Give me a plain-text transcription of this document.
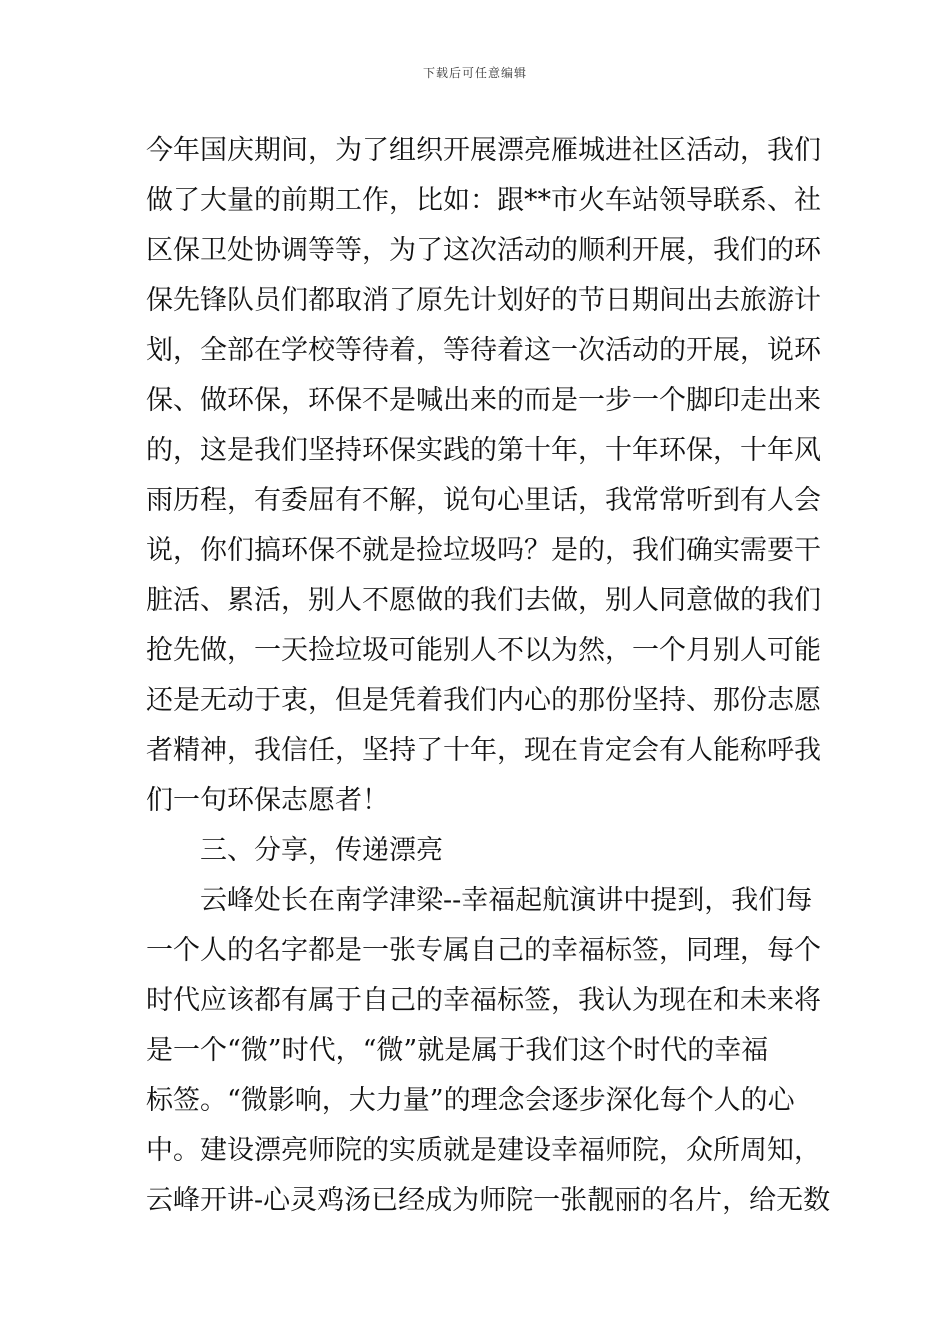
下载后可任意编辑
今年国庆期间，为了组织开展漂亮雁城进社区活动，我们
做了大量的前期工作，比如：跟**市火车站领导联系、社
区保卫处协调等等，为了这次活动的顺利开展，我们的环
保先锋队员们都取消了原先计划好的节日期间出去旅游计
划，全部在学校等待着，等待着这一次活动的开展，说环
保、做环保，环保不是喊出来的而是一步一个脚印走出来
的，这是我们坚持环保实践的第十年，十年环保，十年风
雨历程，有委屈有不解，说句心里话，我常常听到有人会
说，你们搞环保不就是捡垃圾吗？是的，我们确实需要干
脏活、累活，别人不愿做的我们去做，别人同意做的我们
抢先做，一天捡垃圾可能别人不以为然，一个月别人可能
还是无动于衷，但是凭着我们内心的那份坚持、那份志愿
者精神，我信任，坚持了十年，现在肯定会有人能称呼我
们一句环保志愿者！
三、分享，传递漂亮
云峰处长在南学津梁--幸福起航演讲中提到，我们每
一个人的名字都是一张专属自己的幸福标签，同理，每个
时代应该都有属于自己的幸福标签，我认为现在和未来将
是一个“微”时代，“微”就是属于我们这个时代的幸福
标签。“微影响，大力量”的理念会逐步深化每个人的心
中。建设漂亮师院的实质就是建设幸福师院，众所周知，
云峰开讲-心灵鸡汤已经成为师院一张靓丽的名片，给无数
